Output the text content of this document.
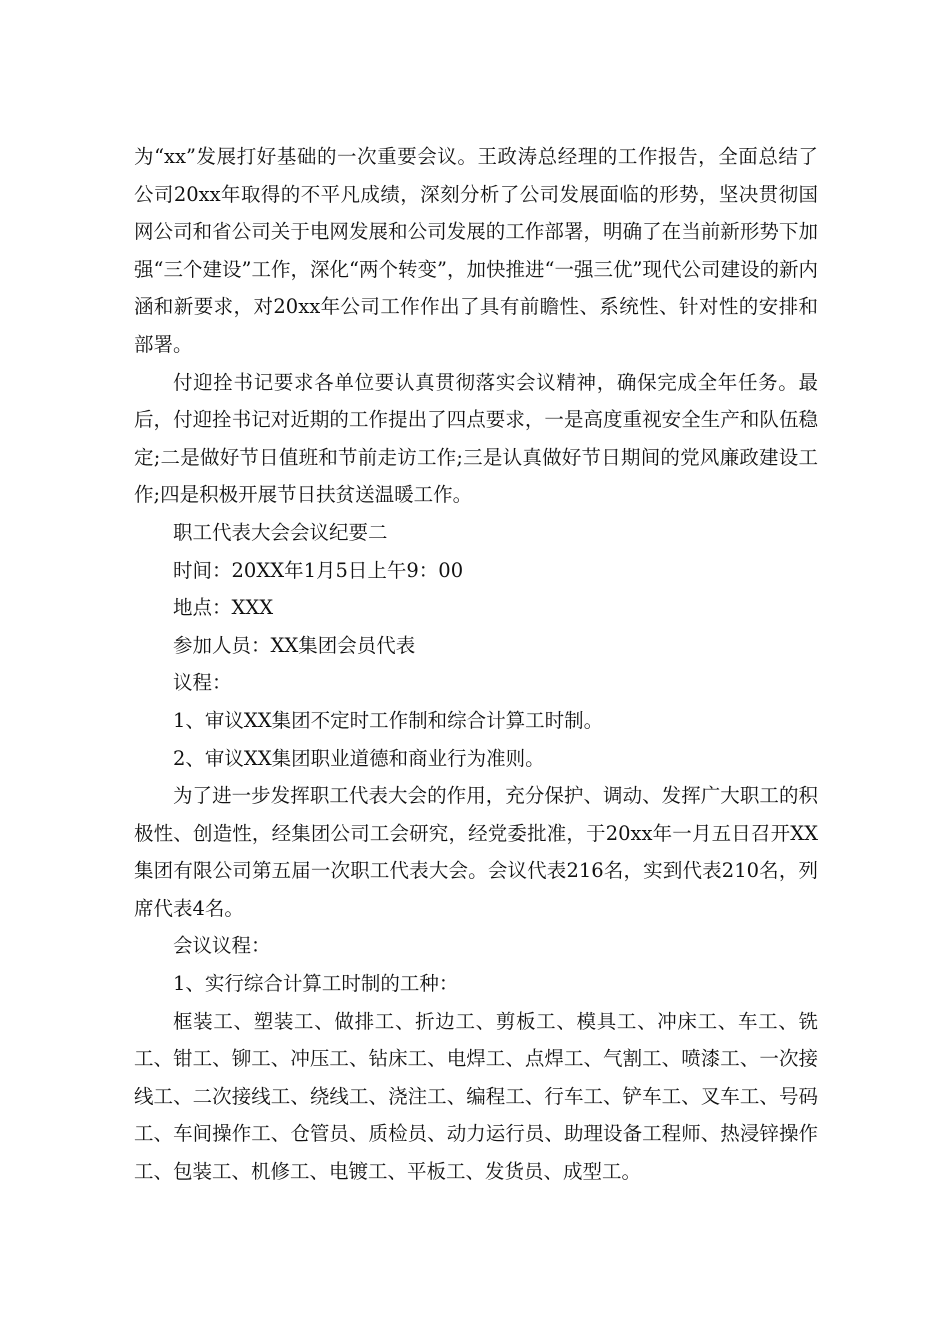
为“xx”发展打好基础的一次重要会议。王政涛总经理的工作报告，全面总结了公司20xx年取得的不平凡成绩，深刻分析了公司发展面临的形势，坚决贯彻国网公司和省公司关于电网发展和公司发展的工作部署，明确了在当前新形势下加强“三个建设”工作，深化“两个转变”，加快推进“一强三优”现代公司建设的新内涵和新要求，对20xx年公司工作作出了具有前瞻性、系统性、针对性的安排和部署。

付迎拴书记要求各单位要认真贯彻落实会议精神，确保完成全年任务。最后，付迎拴书记对近期的工作提出了四点要求，一是高度重视安全生产和队伍稳定;二是做好节日值班和节前走访工作;三是认真做好节日期间的党风廉政建设工作;四是积极开展节日扶贫送温暖工作。

职工代表大会会议纪要二

时间：20XX年1月5日上午9：00

地点：XXX

参加人员：XX集团会员代表

议程：

1、审议XX集团不定时工作制和综合计算工时制。

2、审议XX集团职业道德和商业行为准则。

为了进一步发挥职工代表大会的作用，充分保护、调动、发挥广大职工的积极性、创造性，经集团公司工会研究，经党委批准，于20xx年一月五日召开XX集团有限公司第五届一次职工代表大会。会议代表216名，实到代表210名，列席代表4名。

会议议程：

1、实行综合计算工时制的工种：

框装工、塑装工、做排工、折边工、剪板工、模具工、冲床工、车工、铣工、钳工、铆工、冲压工、钻床工、电焊工、点焊工、气割工、喷漆工、一次接线工、二次接线工、绕线工、浇注工、编程工、行车工、铲车工、叉车工、号码工、车间操作工、仓管员、质检员、动力运行员、助理设备工程师、热浸锌操作工、包装工、机修工、电镀工、平板工、发货员、成型工。
